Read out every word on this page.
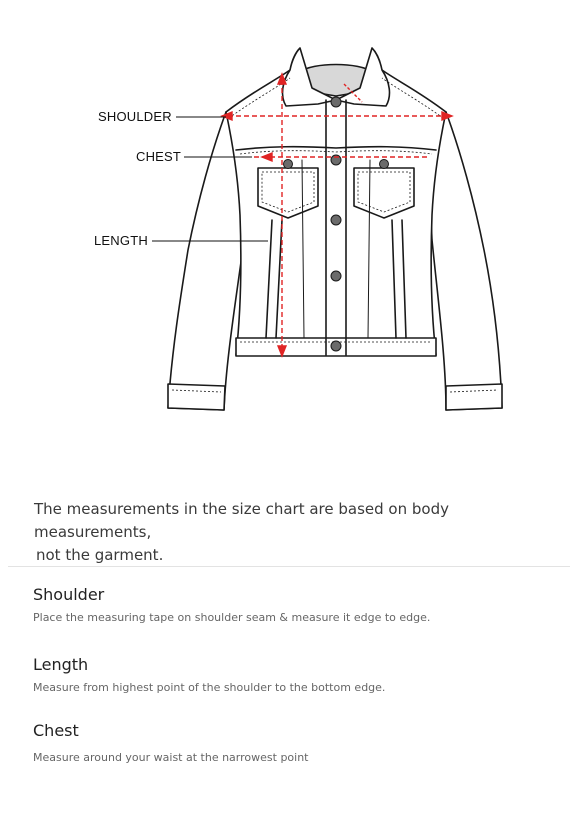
SHOULDER
CHEST
LENGTH
The measurements in the size chart are based on body measurements,
not the garment.
Shoulder
Place the measuring tape on shoulder seam & measure it edge to edge.
Length
Measure from highest point of the shoulder to the bottom edge.
Chest
Measure around your waist at the narrowest point
